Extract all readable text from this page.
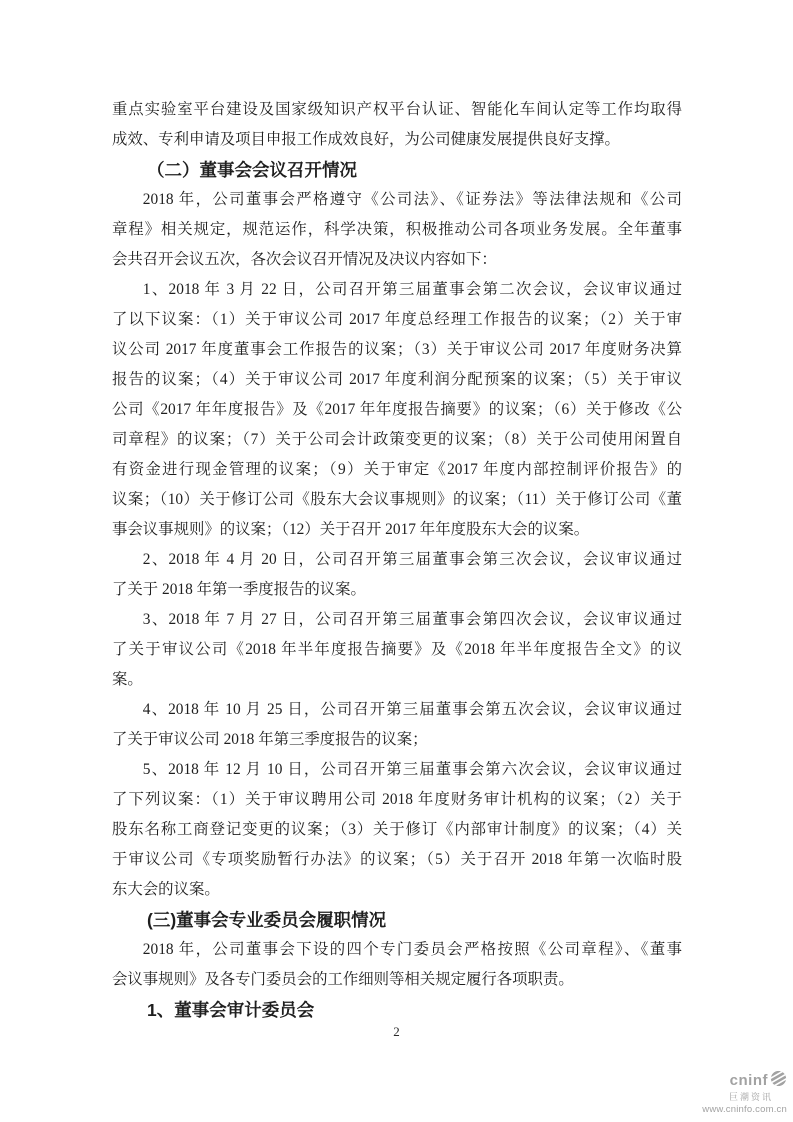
重点实验室平台建设及国家级知识产权平台认证、智能化车间认定等工作均取得
成效、专利申请及项目申报工作成效良好，为公司健康发展提供良好支撑。
（二）董事会会议召开情况
2018 年，公司董事会严格遵守《公司法》、《证券法》等法律法规和《公司
章程》相关规定，规范运作，科学决策，积极推动公司各项业务发展。全年董事
会共召开会议五次，各次会议召开情况及决议内容如下：
1、2018 年 3 月 22 日，公司召开第三届董事会第二次会议，会议审议通过
了以下议案：（1）关于审议公司 2017 年度总经理工作报告的议案；（2）关于审
议公司 2017 年度董事会工作报告的议案；（3）关于审议公司 2017 年度财务决算
报告的议案；（4）关于审议公司 2017 年度利润分配预案的议案；（5）关于审议
公司《2017 年年度报告》及《2017 年年度报告摘要》的议案；（6）关于修改《公
司章程》的议案；（7）关于公司会计政策变更的议案；（8）关于公司使用闲置自
有资金进行现金管理的议案；（9）关于审定《2017 年度内部控制评价报告》的
议案；（10）关于修订公司《股东大会议事规则》的议案；（11）关于修订公司《董
事会议事规则》的议案；（12）关于召开 2017 年年度股东大会的议案。
2、2018 年 4 月 20 日，公司召开第三届董事会第三次会议，会议审议通过
了关于 2018 年第一季度报告的议案。
3、2018 年 7 月 27 日，公司召开第三届董事会第四次会议，会议审议通过
了关于审议公司《2018 年半年度报告摘要》及《2018 年半年度报告全文》的议
案。
4、2018 年 10 月 25 日，公司召开第三届董事会第五次会议，会议审议通过
了关于审议公司 2018 年第三季度报告的议案；
5、2018 年 12 月 10 日，公司召开第三届董事会第六次会议，会议审议通过
了下列议案：（1）关于审议聘用公司 2018 年度财务审计机构的议案；（2）关于
股东名称工商登记变更的议案；（3）关于修订《内部审计制度》的议案；（4）关
于审议公司《专项奖励暂行办法》的议案；（5）关于召开 2018 年第一次临时股
东大会的议案。
(三)董事会专业委员会履职情况
2018 年，公司董事会下设的四个专门委员会严格按照《公司章程》、《董事
会议事规则》及各专门委员会的工作细则等相关规定履行各项职责。
1、董事会审计委员会
2
cninf
巨潮资讯
www.cninfo.com.cn
